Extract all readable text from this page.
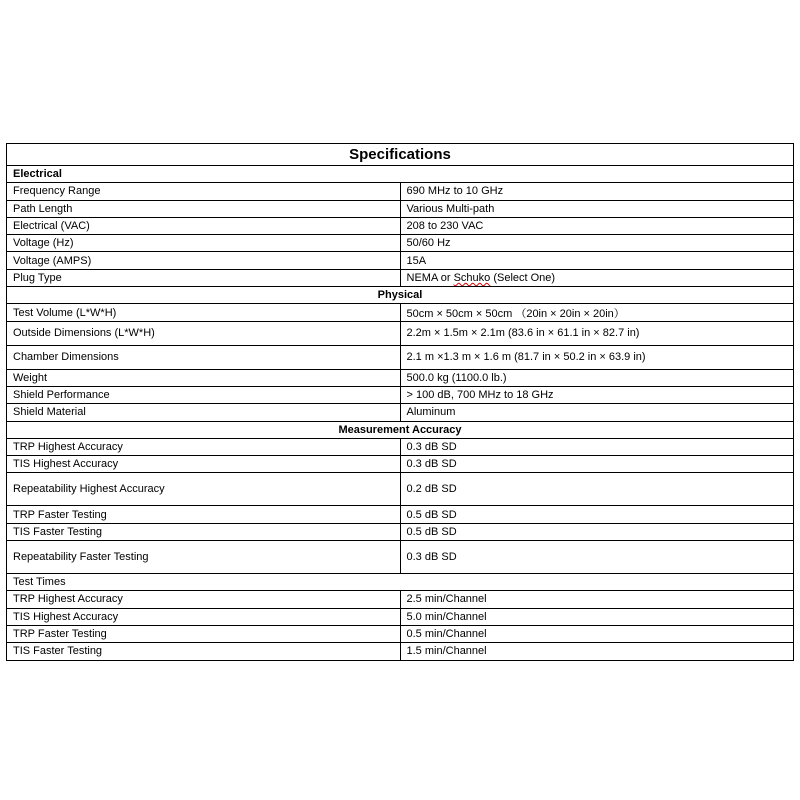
Specifications	
Electrical	
Frequency Range	690 MHz to 10 GHz
Path Length	Various Multi-path
Electrical (VAC)	208 to 230 VAC
Voltage (Hz)	50/60 Hz
Voltage (AMPS)	15A
Plug Type	NEMA or Schuko (Select One)
Physical	
Test Volume (L*W*H)	50cm × 50cm × 50cm （20in × 20in × 20in）
Outside Dimensions (L*W*H)	2.2m × 1.5m × 2.1m (83.6 in × 61.1 in × 82.7 in)
Chamber Dimensions	2.1 m ×1.3 m × 1.6 m (81.7 in × 50.2 in × 63.9 in)
Weight	500.0 kg (1100.0 lb.)
Shield Performance	> 100 dB, 700 MHz to 18 GHz
Shield Material	Aluminum
Measurement Accuracy	
TRP Highest Accuracy	0.3 dB SD
TIS Highest Accuracy	0.3 dB SD
Repeatability Highest Accuracy	0.2 dB SD
TRP Faster Testing	0.5 dB SD
TIS Faster Testing	0.5 dB SD
Repeatability Faster Testing	0.3 dB SD
Test Times	
TRP Highest Accuracy	2.5 min/Channel
TIS Highest Accuracy	5.0 min/Channel
TRP Faster Testing	0.5 min/Channel
TIS Faster Testing	1.5 min/Channel
